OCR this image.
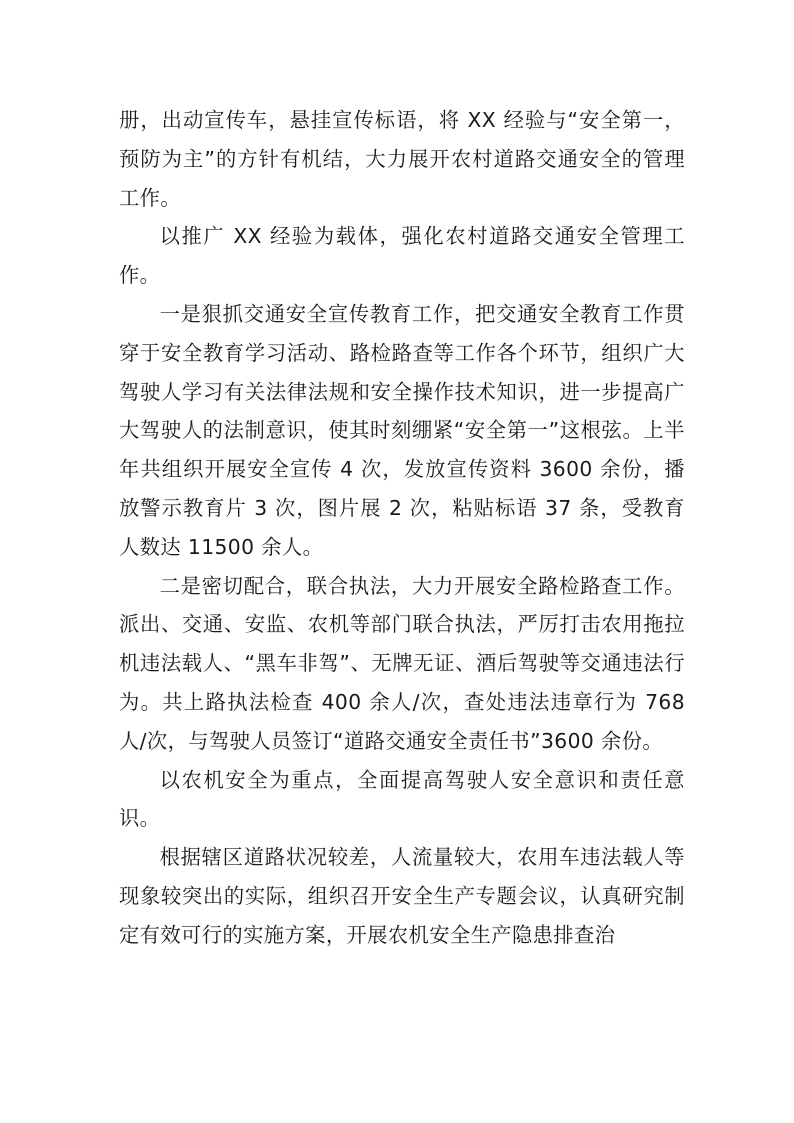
册，出动宣传车，悬挂宣传标语，将 XX 经验与“安全第一，预防为主”的方针有机结，大力展开农村道路交通安全的管理工作。

以推广 XX 经验为载体，强化农村道路交通安全管理工作。

一是狠抓交通安全宣传教育工作，把交通安全教育工作贯穿于安全教育学习活动、路检路查等工作各个环节，组织广大驾驶人学习有关法律法规和安全操作技术知识，进一步提高广大驾驶人的法制意识，使其时刻绷紧“安全第一”这根弦。上半年共组织开展安全宣传 4 次，发放宣传资料 3600 余份，播放警示教育片 3 次，图片展 2 次，粘贴标语 37 条，受教育人数达 11500 余人。

二是密切配合，联合执法，大力开展安全路检路查工作。派出、交通、安监、农机等部门联合执法，严厉打击农用拖拉机违法载人、“黑车非驾”、无牌无证、酒后驾驶等交通违法行为。共上路执法检查 400 余人/次，查处违法违章行为 768 人/次，与驾驶人员签订“道路交通安全责任书”3600 余份。

以农机安全为重点，全面提高驾驶人安全意识和责任意识。

根据辖区道路状况较差，人流量较大，农用车违法载人等现象较突出的实际，组织召开安全生产专题会议，认真研究制定有效可行的实施方案，开展农机安全生产隐患排查治
